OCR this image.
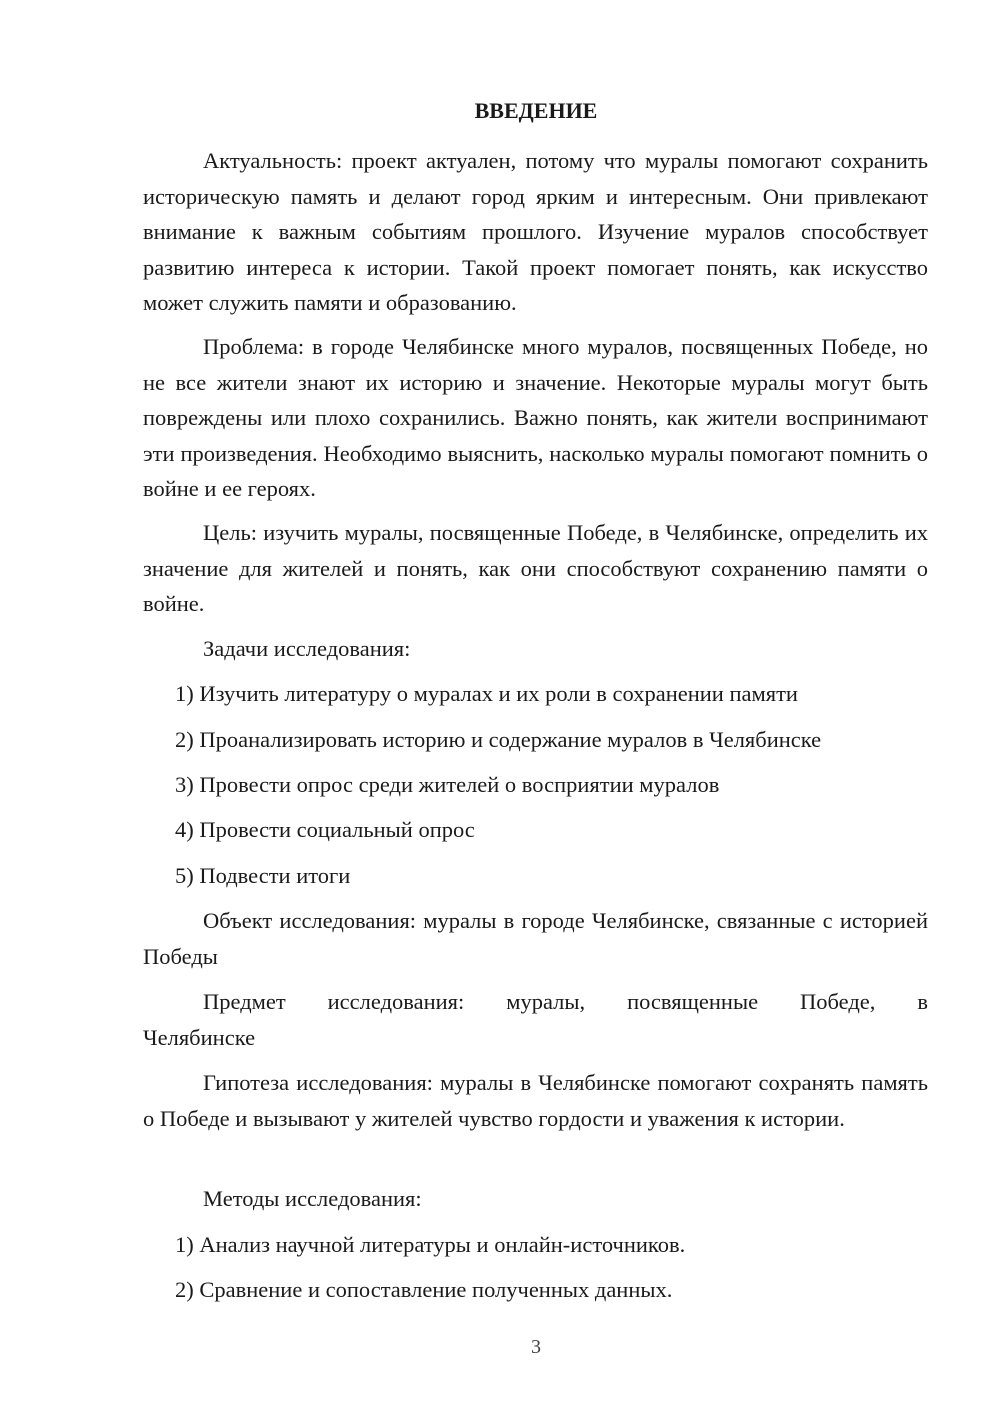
ВВЕДЕНИЕ

Актуальность: проект актуален, потому что муралы помогают сохранить историческую память и делают город ярким и интересным. Они привлекают внимание к важным событиям прошлого. Изучение муралов способствует развитию интереса к истории. Такой проект помогает понять, как искусство может служить памяти и образованию.

Проблема: в городе Челябинске много муралов, посвященных Победе, но не все жители знают их историю и значение. Некоторые муралы могут быть повреждены или плохо сохранились. Важно понять, как жители воспринимают эти произведения. Необходимо выяснить, насколько муралы помогают помнить о войне и ее героях.

Цель: изучить муралы, посвященные Победе, в Челябинске, определить их значение для жителей и понять, как они способствуют сохранению памяти о войне.

Задачи исследования:
1) Изучить литературу о муралах и их роли в сохранении памяти
2) Проанализировать историю и содержание муралов в Челябинске
3) Провести опрос среди жителей о восприятии муралов
4) Провести социальный опрос
5) Подвести итоги

Объект исследования: муралы в городе Челябинске, связанные с историей Победы

Предмет исследования: муралы, посвященные Победе, в
Челябинске

Гипотеза исследования: муралы в Челябинске помогают сохранять память о Победе и вызывают у жителей чувство гордости и уважения к истории.

Методы исследования:
1) Анализ научной литературы и онлайн-источников.
2) Сравнение и сопоставление полученных данных.
3
